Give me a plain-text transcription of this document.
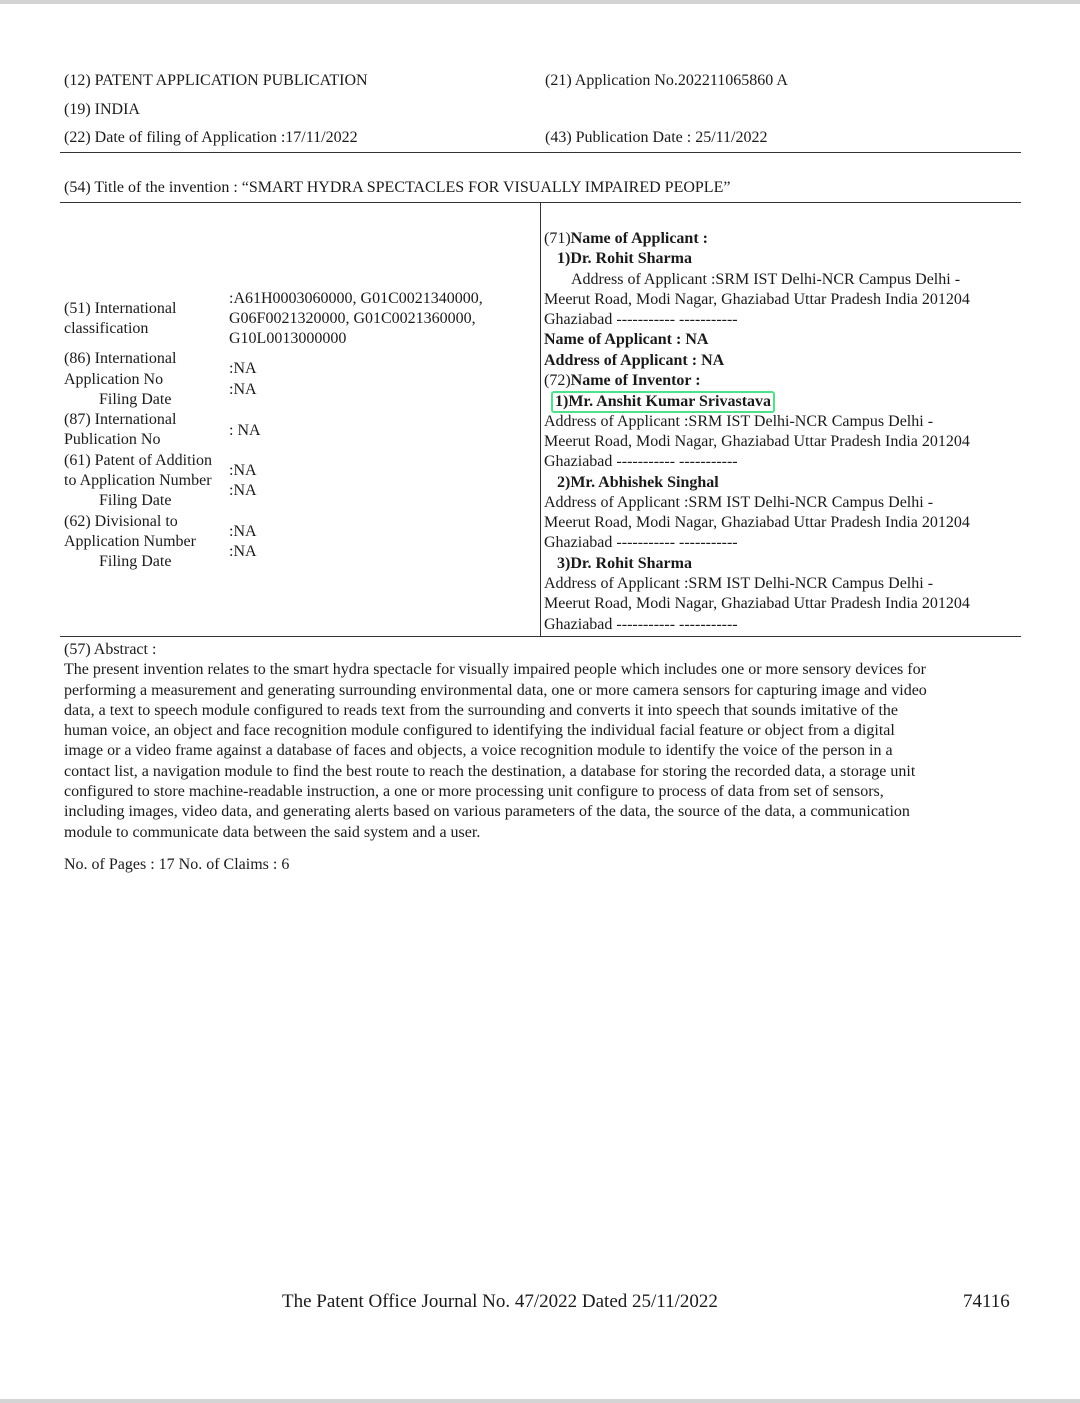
(12) PATENT APPLICATION PUBLICATION
(19) INDIA
(22) Date of filing of Application :17/11/2022
(21) Application No.202211065860 A
(43) Publication Date : 25/11/2022
(54) Title of the invention : “SMART HYDRA SPECTACLES FOR VISUALLY IMPAIRED PEOPLE”
(51) International
classification
:A61H0003060000, G01C0021340000,
G06F0021320000, G01C0021360000,
G10L0013000000
(86) International
Application No
Filing Date
:NA
:NA
(87) International
Publication No
: NA
(61) Patent of Addition
to Application Number
Filing Date
:NA
:NA
(62) Divisional to
Application Number
Filing Date
:NA
:NA
(71)Name of Applicant :
1)Dr. Rohit Sharma
Address of Applicant :SRM IST Delhi-NCR Campus Delhi -
Meerut Road, Modi Nagar, Ghaziabad Uttar Pradesh India 201204
Ghaziabad ----------- -----------
Name of Applicant : NA
Address of Applicant : NA
(72)Name of Inventor :
1)Mr. Anshit Kumar Srivastava
Address of Applicant :SRM IST Delhi-NCR Campus Delhi -
Meerut Road, Modi Nagar, Ghaziabad Uttar Pradesh India 201204
Ghaziabad ----------- -----------
2)Mr. Abhishek Singhal
Address of Applicant :SRM IST Delhi-NCR Campus Delhi -
Meerut Road, Modi Nagar, Ghaziabad Uttar Pradesh India 201204
Ghaziabad ----------- -----------
3)Dr. Rohit Sharma
Address of Applicant :SRM IST Delhi-NCR Campus Delhi -
Meerut Road, Modi Nagar, Ghaziabad Uttar Pradesh India 201204
Ghaziabad ----------- -----------
(57) Abstract :
The present invention relates to the smart hydra spectacle for visually impaired people which includes one or more sensory devices for
performing a measurement and generating surrounding environmental data, one or more camera sensors for capturing image and video
data, a text to speech module configured to reads text from the surrounding and converts it into speech that sounds imitative of the
human voice, an object and face recognition module configured to identifying the individual facial feature or object from a digital
image or a video frame against a database of faces and objects, a voice recognition module to identify the voice of the person in a
contact list, a navigation module to find the best route to reach the destination, a database for storing the recorded data, a storage unit
configured to store machine-readable instruction, a one or more processing unit configure to process of data from set of sensors,
including images, video data, and generating alerts based on various parameters of the data, the source of the data, a communication
module to communicate data between the said system and a user.
No. of Pages : 17 No. of Claims : 6
The Patent Office Journal No. 47/2022 Dated 25/11/2022	74116
